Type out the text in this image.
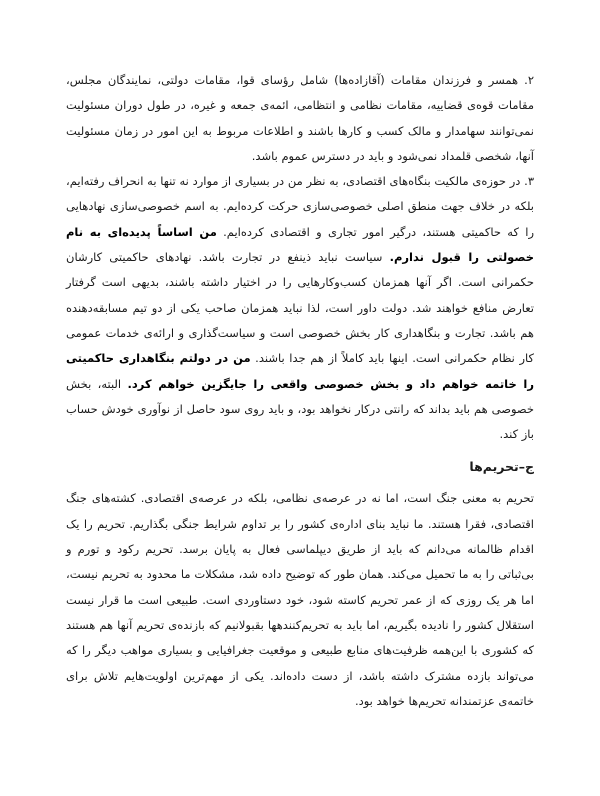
۲. همسر و فرزندان مقامات (آقازاده‌ها) شامل رؤسای قوا، مقامات دولتی، نمایندگان مجلس، مقامات قوه‌ی قضاییه، مقامات نظامی و انتظامی، ائمه‌ی جمعه و غیره، در طول دوران مسئولیت نمی‌توانند سهامدار و مالک کسب‌ و کارها باشند و اطلاعات مربوط به این امور در زمان مسئولیت آنها، شخصی قلمداد نمی‌شود و باید در دسترس عموم باشد.

۳. در حوزه‌ی مالکیت بنگاه‌های اقتصادی، به نظر من در بسیاری از موارد نه تنها به انحراف رفته‌ایم، بلکه در خلاف جهت منطق اصلی خصوصی‌سازی حرکت کرده‌ایم. به اسم خصوصی‌سازی نهادهایی را که حاکمیتی هستند، درگیر امور تجاری و اقتصادی کرده‌ایم. من اساساً پدیده‌ای به نام خصولتی را قبول ندارم. سیاست نباید ذینفع در تجارت باشد. نهادهای حاکمیتی کارشان حکمرانی است. اگر آنها همزمان کسب‌وکارهایی را در اختیار داشته باشند، بدیهی است گرفتار تعارض منافع خواهند شد. دولت داور است، لذا نباید همزمان صاحب یکی از دو تیم مسابقه‌دهنده هم باشد. تجارت و بنگاهداری کار بخش خصوصی است و سیاست‌گذاری و ارائه‌ی خدمات عمومی کار نظام حکمرانی است. اینها باید کاملاً از هم جدا باشند. من در دولتم بنگاهداری حاکمیتی را خاتمه خواهم داد و بخش خصوصی واقعی را جایگزین خواهم کرد. البته، بخش خصوصی هم باید بداند که رانتی درکار نخواهد بود، و باید روی سود حاصل از نوآوری خودش حساب باز کند.

ج–تحریم‌ها

تحریم به معنی جنگ است، اما نه در عرصه‌ی نظامی، بلکه در عرصه‌ی اقتصادی. کشته‌های جنگ اقتصادی، فقرا هستند. ما نباید بنای اداره‌ی کشور را بر تداوم شرایط جنگی بگذاریم. تحریم را یک اقدام ظالمانه می‌دانم که باید از طریق دیپلماسی فعال به پایان برسد. تحریم رکود و تورم و بی‌ثباتی را به ما تحمیل می‌کند. همان طور که توضیح داده شد، مشکلات ما محدود به تحریم نیست، اما هر یک روزی که از عمر تحریم کاسته شود، خود دستاوردی است. طبیعی است ما قرار نیست استقلال کشور را نادیده بگیریم، اما باید به تحریم‌کنندهها بقبولانیم که بازنده‌ی تحریم آنها هم هستند که کشوری با این‌همه ظرفیت‌های منابع طبیعی و موقعیت جغرافیایی و بسیاری مواهب دیگر را که می‌تواند بازده مشترک داشته باشد، از دست داده‌اند. یکی از مهم‌ترین اولویت‌هایم تلاش برای خاتمه‌ی عزتمندانه تحریم‌ها خواهد بود.
